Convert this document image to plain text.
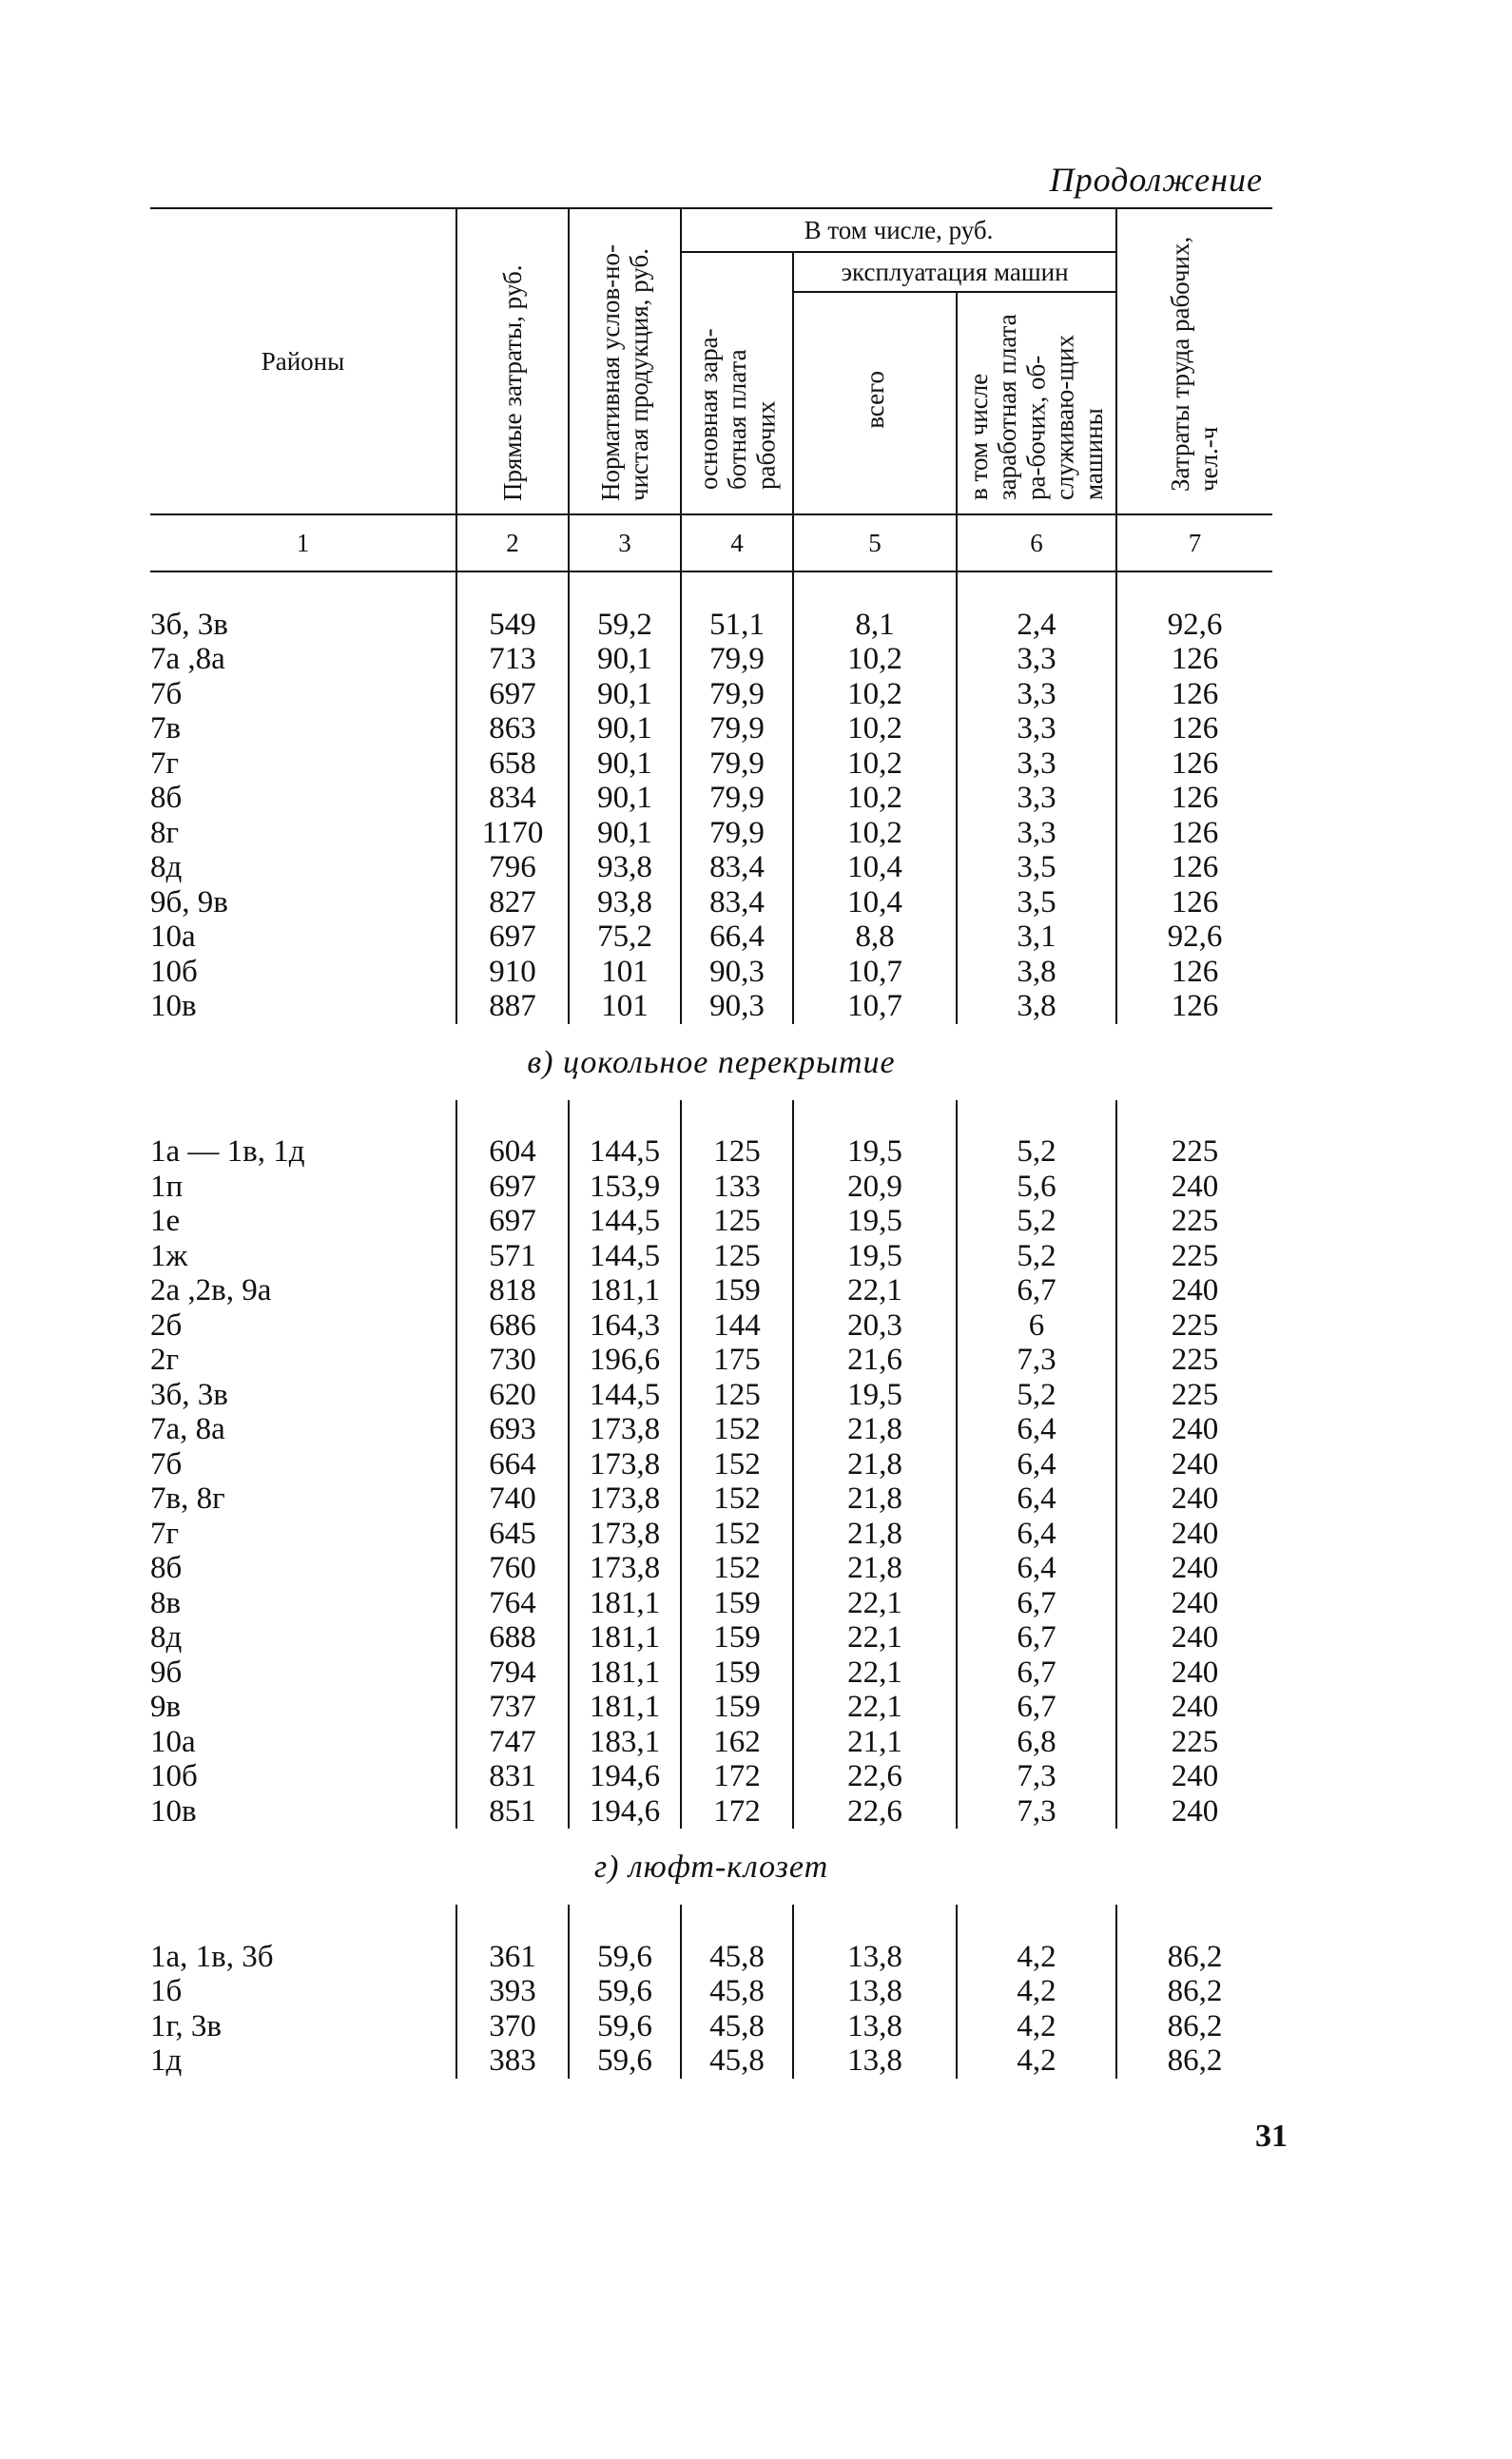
Продолжение
Районы	Прямые затраты, руб.	Нормативная услов-но-чистая продукция, руб.	В том числе, руб.			Затраты труда рабочих, чел.-ч
			основная зара-ботная плата рабочих	эксплуатация машин		
				всего	в том числе заработная плата ра-бочих, об-служиваю-щих машины	
1	2	3	4	5	6	7

3б, 3в	549	59,2	51,1	8,1	2,4	92,6
7а ,8а	713	90,1	79,9	10,2	3,3	126
7б	697	90,1	79,9	10,2	3,3	126
7в	863	90,1	79,9	10,2	3,3	126
7г	658	90,1	79,9	10,2	3,3	126
8б	834	90,1	79,9	10,2	3,3	126
8г	1170	90,1	79,9	10,2	3,3	126
8д	796	93,8	83,4	10,4	3,5	126
9б, 9в	827	93,8	83,4	10,4	3,5	126
10а	697	75,2	66,4	8,8	3,1	92,6
10б	910	101	90,3	10,7	3,8	126
10в	887	101	90,3	10,7	3,8	126
в) цокольное перекрытие

1а — 1в, 1д	604	144,5	125	19,5	5,2	225
1п	697	153,9	133	20,9	5,6	240
1е	697	144,5	125	19,5	5,2	225
1ж	571	144,5	125	19,5	5,2	225
2а ,2в, 9а	818	181,1	159	22,1	6,7	240
2б	686	164,3	144	20,3	6	225
2г	730	196,6	175	21,6	7,3	225
3б, 3в	620	144,5	125	19,5	5,2	225
7а, 8а	693	173,8	152	21,8	6,4	240
7б	664	173,8	152	21,8	6,4	240
7в, 8г	740	173,8	152	21,8	6,4	240
7г	645	173,8	152	21,8	6,4	240
8б	760	173,8	152	21,8	6,4	240
8в	764	181,1	159	22,1	6,7	240
8д	688	181,1	159	22,1	6,7	240
9б	794	181,1	159	22,1	6,7	240
9в	737	181,1	159	22,1	6,7	240
10а	747	183,1	162	21,1	6,8	225
10б	831	194,6	172	22,6	7,3	240
10в	851	194,6	172	22,6	7,3	240
г) люфт-клозет

1а, 1в, 3б	361	59,6	45,8	13,8	4,2	86,2
1б	393	59,6	45,8	13,8	4,2	86,2
1г, 3в	370	59,6	45,8	13,8	4,2	86,2
1д	383	59,6	45,8	13,8	4,2	86,2
31
